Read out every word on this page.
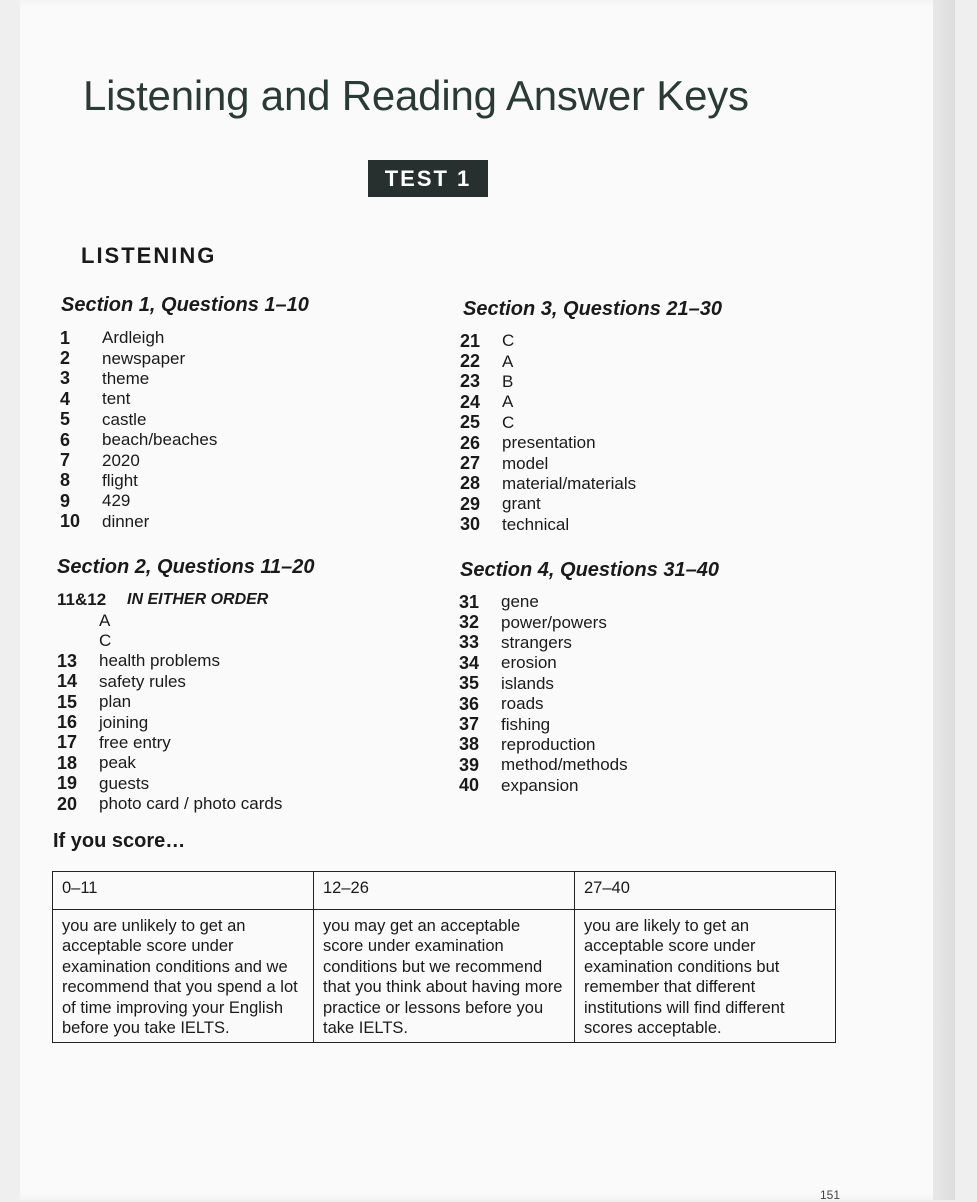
Listening and Reading Answer Keys
TEST 1
LISTENING
Section 1, Questions 1–10
1	Ardleigh
2	newspaper
3	theme
4	tent
5	castle
6	beach/beaches
7	2020
8	flight
9	429
10	dinner
Section 2, Questions 11–20
11&12	IN EITHER ORDER
A
C
13	health problems
14	safety rules
15	plan
16	joining
17	free entry
18	peak
19	guests
20	photo card / photo cards
Section 3, Questions 21–30
21	C
22	A
23	B
24	A
25	C
26	presentation
27	model
28	material/materials
29	grant
30	technical
Section 4, Questions 31–40
31	gene
32	power/powers
33	strangers
34	erosion
35	islands
36	roads
37	fishing
38	reproduction
39	method/methods
40	expansion
If you score…
0–11	12–26	27–40
you are unlikely to get an acceptable score under examination conditions and we recommend that you spend a lot of time improving your English before you take IELTS.	you may get an acceptable score under examination conditions but we recommend that you think about having more practice or lessons before you take IELTS.	you are likely to get an acceptable score under examination conditions but remember that different institutions will find different scores acceptable.
151
